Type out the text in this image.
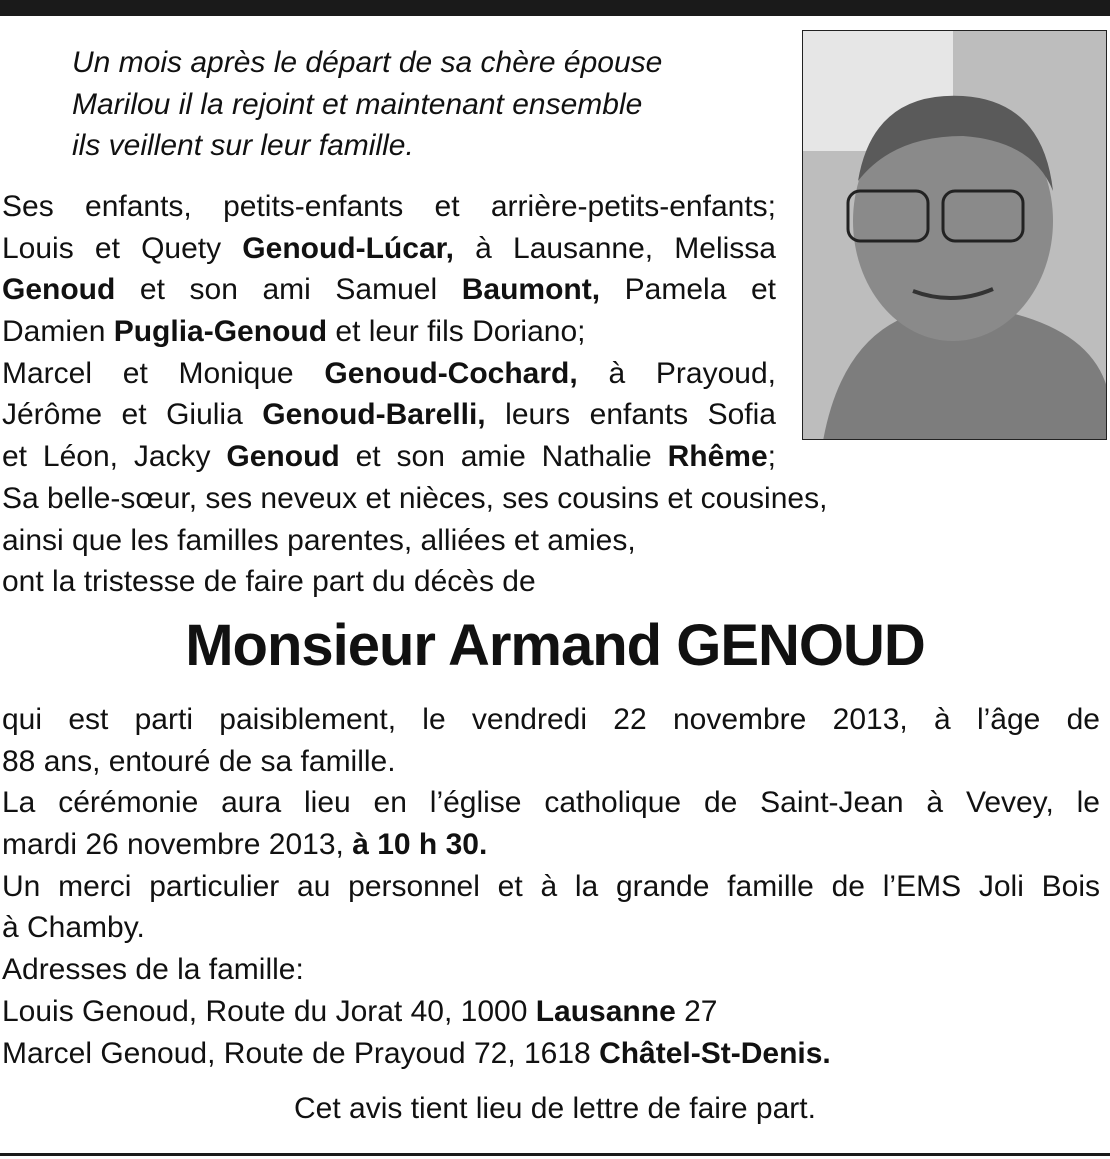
Un mois après le départ de sa chère épouse
Marilou il la rejoint et maintenant ensemble
ils veillent sur leur famille.
Ses enfants, petits-enfants et arrière-petits-enfants;
Louis et Quety Genoud-Lúcar, à Lausanne, Melissa
Genoud et son ami Samuel Baumont, Pamela et
Damien Puglia-Genoud et leur fils Doriano;
Marcel et Monique Genoud-Cochard, à Prayoud,
Jérôme et Giulia Genoud-Barelli, leurs enfants Sofia
et Léon, Jacky Genoud et son amie Nathalie Rhême;
Sa belle-sœur, ses neveux et nièces, ses cousins et cousines,
ainsi que les familles parentes, alliées et amies,
ont la tristesse de faire part du décès de
Monsieur Armand GENOUD
qui est parti paisiblement, le vendredi 22 novembre 2013, à l’âge de
88 ans, entouré de sa famille.
La cérémonie aura lieu en l’église catholique de Saint-Jean à Vevey, le
mardi 26 novembre 2013, à 10 h 30.
Un merci particulier au personnel et à la grande famille de l’EMS Joli Bois
à Chamby.
Adresses de la famille:
Louis Genoud, Route du Jorat 40, 1000 Lausanne 27
Marcel Genoud, Route de Prayoud 72, 1618 Châtel-St-Denis.
Cet avis tient lieu de lettre de faire part.
